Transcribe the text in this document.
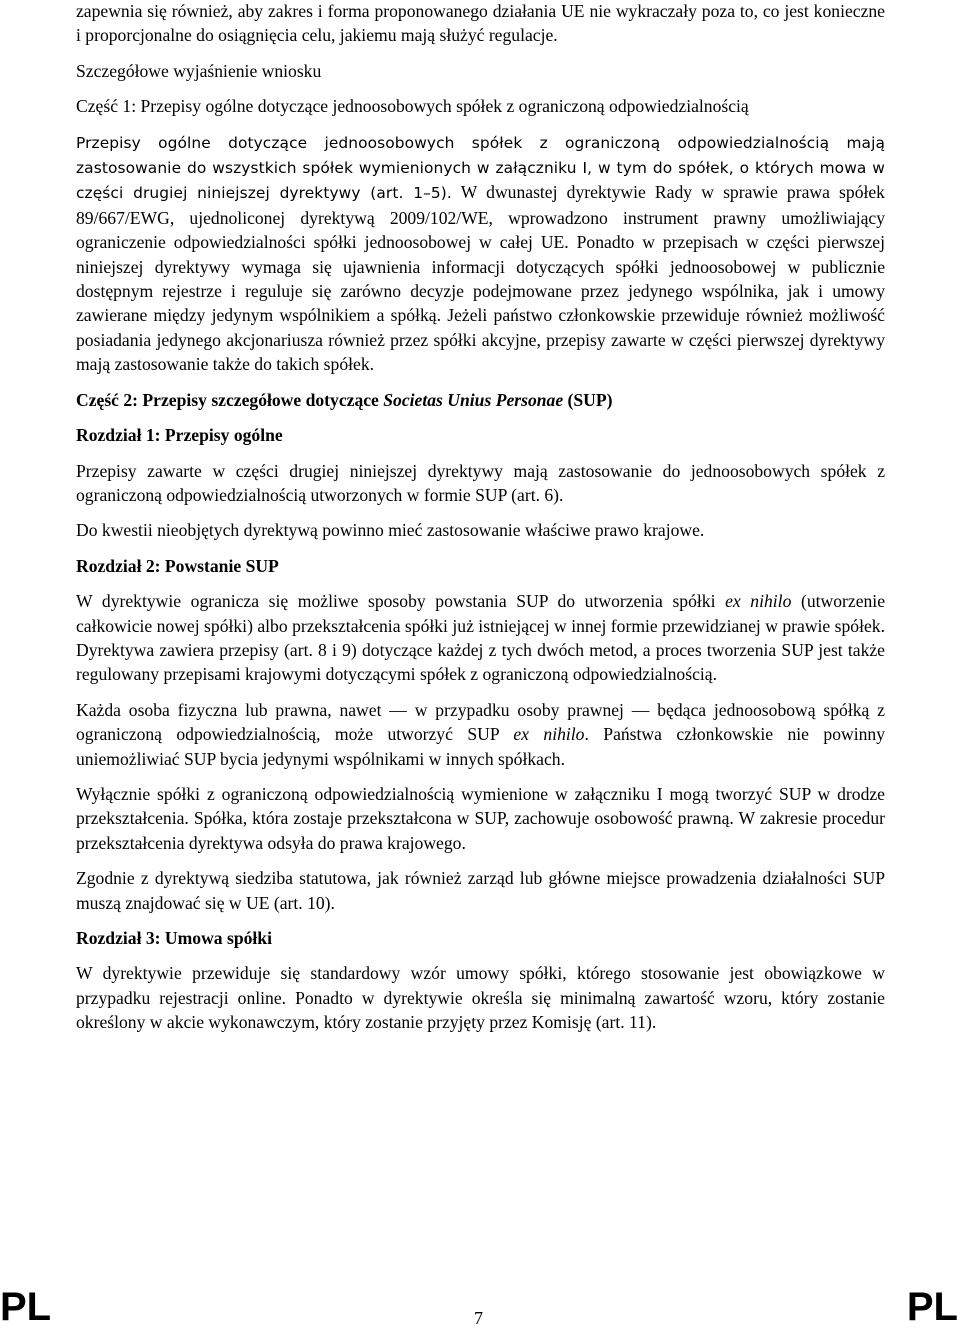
zapewnia się również, aby zakres i forma proponowanego działania UE nie wykraczały poza to, co jest konieczne i proporcjonalne do osiągnięcia celu, jakiemu mają służyć regulacje.

Szczegółowe wyjaśnienie wniosku

Część 1: Przepisy ogólne dotyczące jednoosobowych spółek z ograniczoną odpowiedzialnością

Przepisy ogólne dotyczące jednoosobowych spółek z ograniczoną odpowiedzialnością mają zastosowanie do wszystkich spółek wymienionych w załączniku I, w tym do spółek, o których mowa w części drugiej niniejszej dyrektywy (art. 1–5). W dwunastej dyrektywie Rady w sprawie prawa spółek 89/667/EWG, ujednoliconej dyrektywą 2009/102/WE, wprowadzono instrument prawny umożliwiający ograniczenie odpowiedzialności spółki jednoosobowej w całej UE. Ponadto w przepisach w części pierwszej niniejszej dyrektywy wymaga się ujawnienia informacji dotyczących spółki jednoosobowej w publicznie dostępnym rejestrze i reguluje się zarówno decyzje podejmowane przez jedynego wspólnika, jak i umowy zawierane między jedynym wspólnikiem a spółką. Jeżeli państwo członkowskie przewiduje również możliwość posiadania jedynego akcjonariusza również przez spółki akcyjne, przepisy zawarte w części pierwszej dyrektywy mają zastosowanie także do takich spółek.

Część 2: Przepisy szczegółowe dotyczące Societas Unius Personae (SUP)

Rozdział 1: Przepisy ogólne

Przepisy zawarte w części drugiej niniejszej dyrektywy mają zastosowanie do jednoosobowych spółek z ograniczoną odpowiedzialnością utworzonych w formie SUP (art. 6).

Do kwestii nieobjętych dyrektywą powinno mieć zastosowanie właściwe prawo krajowe.

Rozdział 2: Powstanie SUP

W dyrektywie ogranicza się możliwe sposoby powstania SUP do utworzenia spółki ex nihilo (utworzenie całkowicie nowej spółki) albo przekształcenia spółki już istniejącej w innej formie przewidzianej w prawie spółek. Dyrektywa zawiera przepisy (art. 8 i 9) dotyczące każdej z tych dwóch metod, a proces tworzenia SUP jest także regulowany przepisami krajowymi dotyczącymi spółek z ograniczoną odpowiedzialnością.

Każda osoba fizyczna lub prawna, nawet — w przypadku osoby prawnej — będąca jednoosobową spółką z ograniczoną odpowiedzialnością, może utworzyć SUP ex nihilo. Państwa członkowskie nie powinny uniemożliwiać SUP bycia jedynymi wspólnikami w innych spółkach.

Wyłącznie spółki z ograniczoną odpowiedzialnością wymienione w załączniku I mogą tworzyć SUP w drodze przekształcenia. Spółka, która zostaje przekształcona w SUP, zachowuje osobowość prawną. W zakresie procedur przekształcenia dyrektywa odsyła do prawa krajowego.

Zgodnie z dyrektywą siedziba statutowa, jak również zarząd lub główne miejsce prowadzenia działalności SUP muszą znajdować się w UE (art. 10).

Rozdział 3: Umowa spółki

W dyrektywie przewiduje się standardowy wzór umowy spółki, którego stosowanie jest obowiązkowe w przypadku rejestracji online. Ponadto w dyrektywie określa się minimalną zawartość wzoru, który zostanie określony w akcie wykonawczym, który zostanie przyjęty przez Komisję (art. 11).

PL	7	PL
